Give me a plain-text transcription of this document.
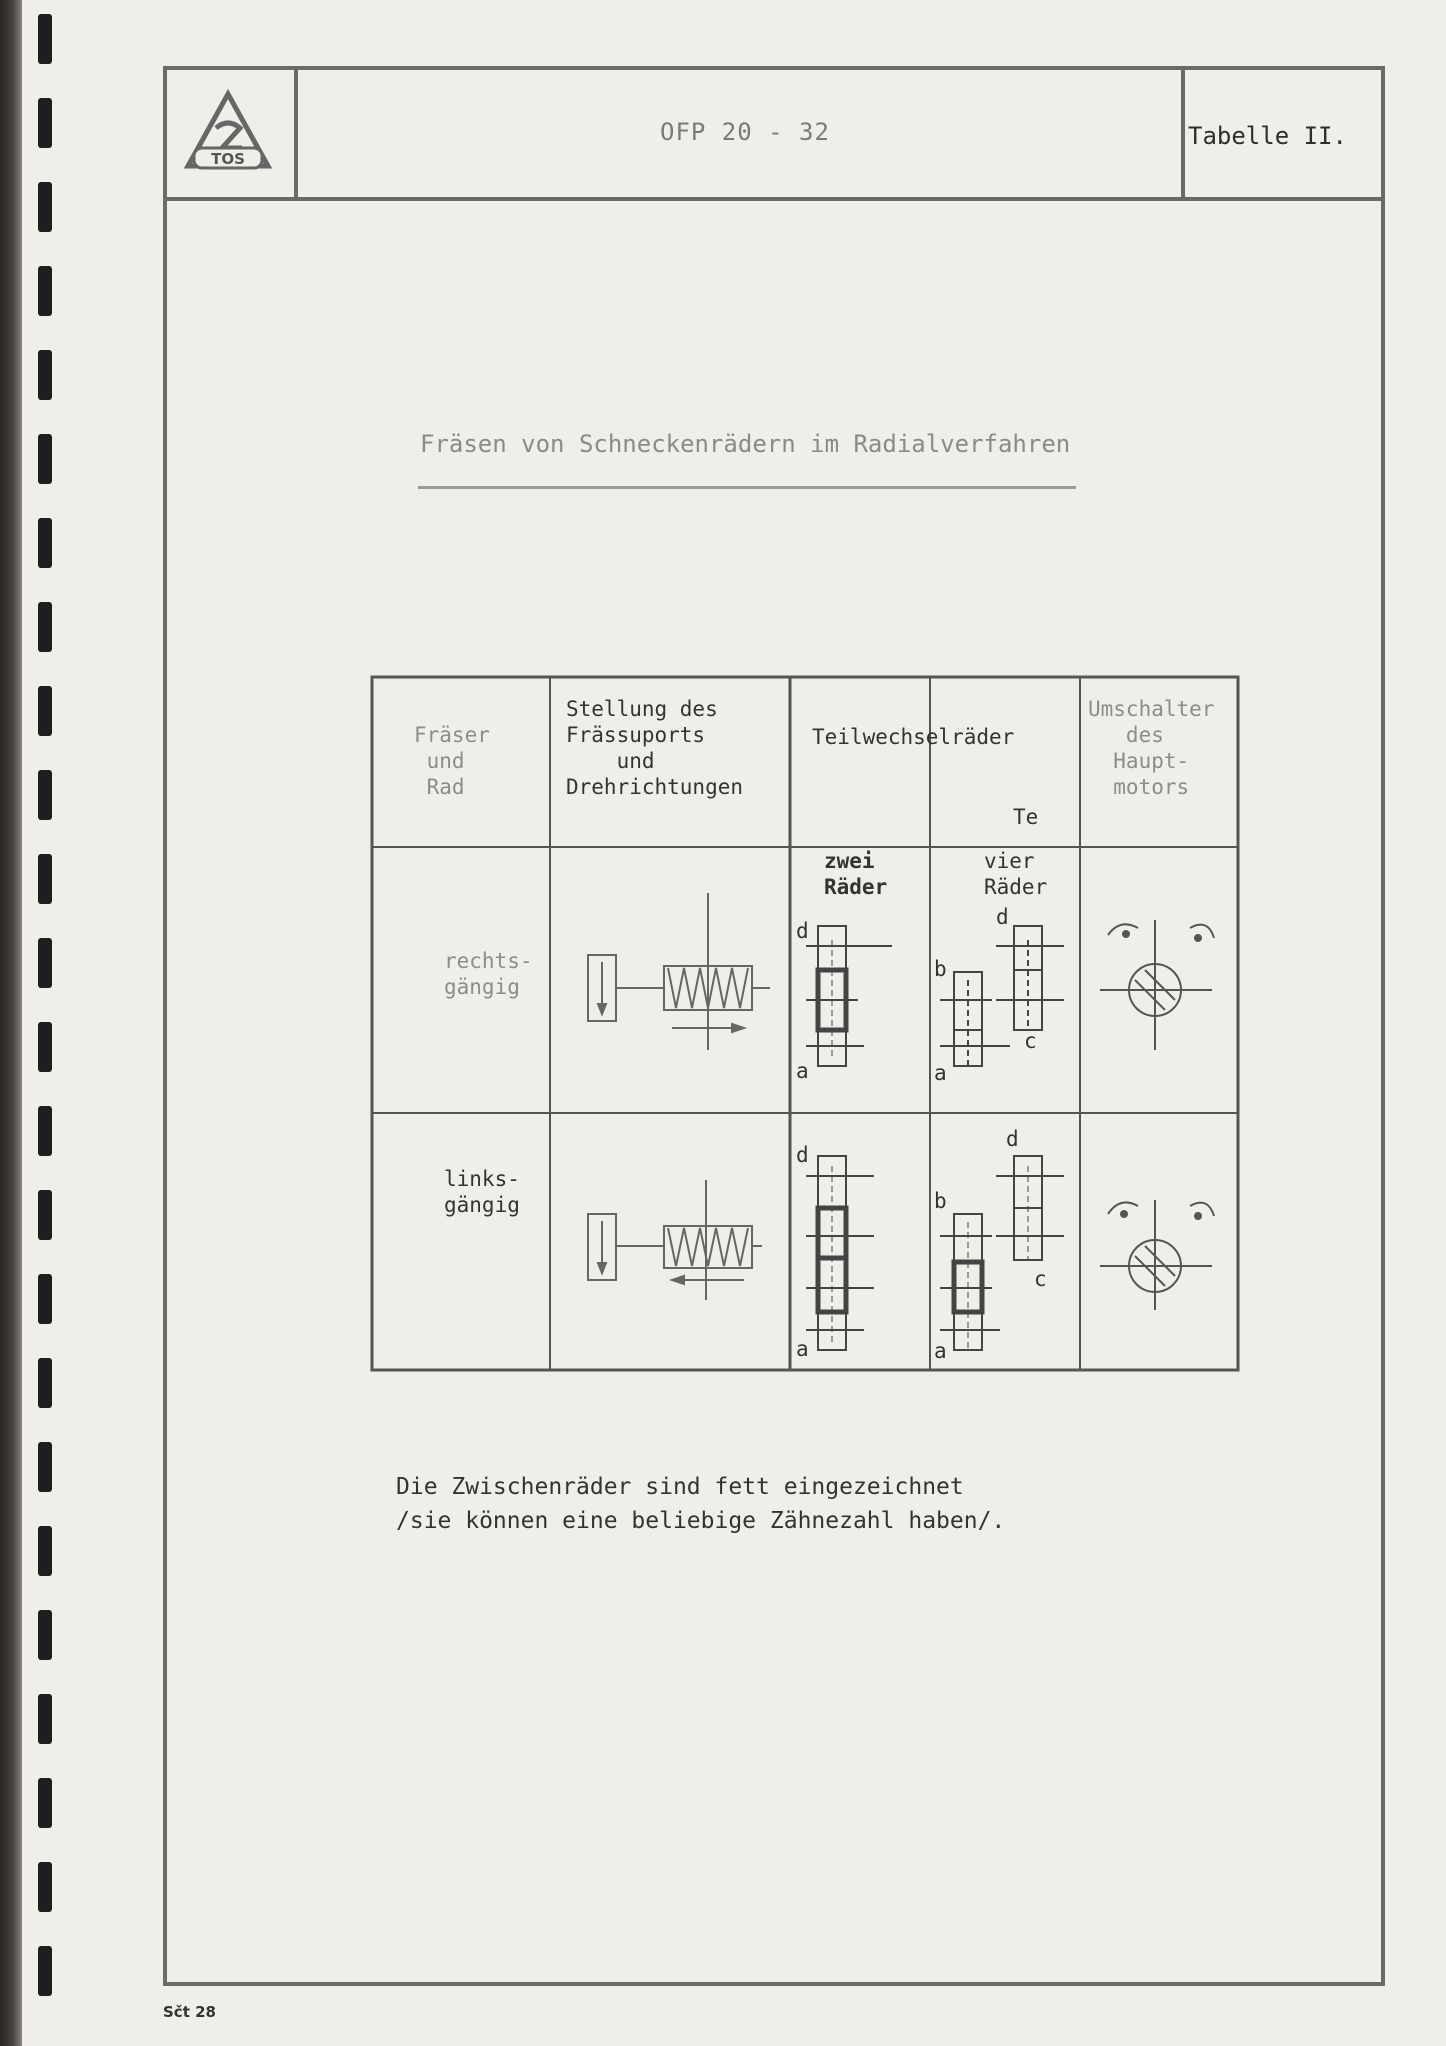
TOS
OFP 20 - 32	Tabelle II.
Fräsen von Schneckenrädern im Radialverfahren
Fräser
und
Rad
Stellung des
Frässuports
und
Drehrichtungen
Teilwechselräder
Te
Umschalter
des
Haupt-
motors
zwei
Räder
vier
Räder
rechts-
gängig
links-
gängig
d
a
d
b
c
a
d
a
d
b
c
a
Die Zwischenräder sind fett eingezeichnet
/sie können eine beliebige Zähnezahl haben/.
Sčt 28
